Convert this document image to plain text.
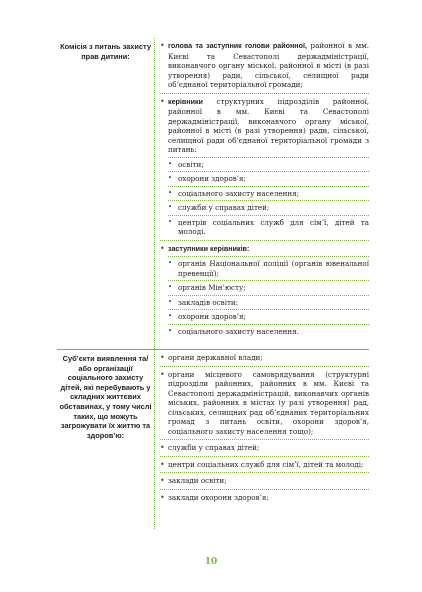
Комісія з питань захисту прав дитини:
• голова та заступник голови районної, районної в мм. Києві та Севастополі держадміністрації, виконавчого органу міської, районної в місті (в разі утворення) ради, сільської, селищної ради об’єднаної територіальної громади;
• керівники структурних підрозділів районної, районної в мм. Києві та Севастополі держадміністрації, виконавчого органу міської, районної в місті (в разі утворення) ради, сільської, селищної ради об’єднаної територіальної громади з питань:
• освіти;
• охорони здоров’я;
• соціального захисту населення;
• служби у справах дітей;
• центрів соціальних служб для сім’ї, дітей та молоді.
• заступники керівників:
• органів Національної поліції (органів ювенальної превенції);
• органів Мін’юсту;
• закладів освіти;
• охорони здоров’я;
• соціального захисту населення.
Суб’єкти виявлення та/або організації соціального захисту дітей, які перебувають у складних життєвих обставинах, у тому числі таких, що можуть загрожувати їх життю та здоров’ю:
• органи державної влади;
• органи місцевого самоврядування (структурні підрозділи районних, районних в мм. Києві та Севастополі держадміністрацій, виконавчих органів міських, районних в містах (у разі утворення) рад, сільських, селищних рад об’єднаних територіальних громад з питань освіти, охорони здоров’я, соціального захисту населення тощо);
• служби у справах дітей;
• центри соціальних служб для сім’ї, дітей та молоді;
• заклади освіти;
• заклади охорони здоров’я;
10
